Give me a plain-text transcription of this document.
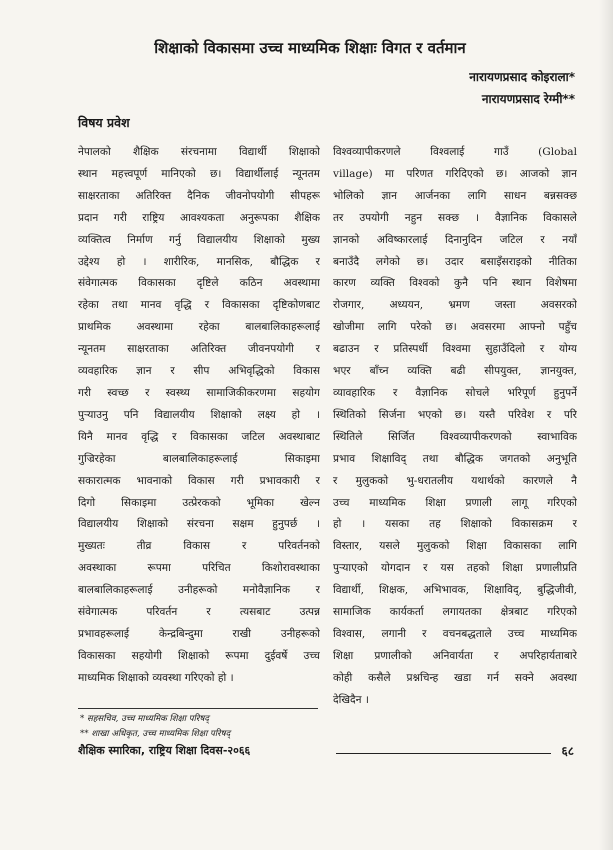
शिक्षाको विकासमा उच्च माध्यमिक शिक्षाः विगत र वर्तमान
नारायणप्रसाद कोइराला*
नारायणप्रसाद रेग्मी**
विषय प्रवेश
नेपालको शैक्षिक संरचनामा विद्यार्थी शिक्षाको
स्थान महत्त्वपूर्ण मानिएको छ। विद्यार्थीलाई न्यूनतम
साक्षरताका अतिरिक्त दैनिक जीवनोपयोगी सीपहरू
प्रदान गरी राष्ट्रिय आवश्यकता अनुरूपका शैक्षिक
व्यक्तित्व निर्माण गर्नु विद्यालयीय शिक्षाको मुख्य
उद्देश्य हो । शारीरिक, मानसिक, बौद्धिक र
संवेगात्मक विकासका दृष्टिले कठिन अवस्थामा
रहेका तथा मानव वृद्धि र विकासका दृष्टिकोणबाट
प्राथमिक अवस्थामा रहेका बालबालिकाहरूलाई
न्यूनतम साक्षरताका अतिरिक्त जीवनपयोगी र
व्यवहारिक ज्ञान र सीप अभिवृद्धिको विकास
गरी स्वच्छ र स्वस्थ्य सामाजिकीकरणमा सहयोग
पुऱ्याउनु पनि विद्यालयीय शिक्षाको लक्ष्य हो ।
यिनै मानव वृद्धि र विकासका जटिल अवस्थाबाट
गुज्रिरहेका बालबालिकाहरूलाई सिकाइमा
सकारात्मक भावनाको विकास गरी प्रभावकारी र
दिगो सिकाइमा उत्प्रेरकको भूमिका खेल्न
विद्यालयीय शिक्षाको संरचना सक्षम हुनुपर्छ ।
मुख्यतः तीव्र विकास र परिवर्तनको
अवस्थाका रूपमा परिचित किशोरावस्थाका
बालबालिकाहरूलाई उनीहरूको मनोवैज्ञानिक र
संवेगात्मक परिवर्तन र त्यसबाट उत्पन्न
प्रभावहरूलाई केन्द्रबिन्दुमा राखी उनीहरूको
विकासका सहयोगी शिक्षाको रूपमा दुईवर्षे उच्च
माध्यमिक शिक्षाको व्यवस्था गरिएको हो ।
विश्वव्यापीकरणले विश्वलाई गाउँ (Global
village) मा परिणत गरिदिएको छ। आजको ज्ञान
भोलिको ज्ञान आर्जनका लागि साधन बन्नसक्छ
तर उपयोगी नहुन सक्छ । वैज्ञानिक विकासले
ज्ञानको अविष्कारलाई दिनानुदिन जटिल र नयाँ
बनाउँदै लगेको छ। उदार बसाइँसराइको नीतिका
कारण व्यक्ति विश्वको कुनै पनि स्थान विशेषमा
रोजगार, अध्ययन, भ्रमण जस्ता अवसरको
खोजीमा लागि परेको छ। अवसरमा आफ्नो पहुँच
बढाउन र प्रतिस्पर्धी विश्वमा सुहाउँदिलो र योग्य
भएर बाँच्न व्यक्ति बढी सीपयुक्त, ज्ञानयुक्त,
व्यावहारिक र वैज्ञानिक सोचले भरिपूर्ण हुनुपर्ने
स्थितिको सिर्जना भएको छ। यस्तै परिवेश र परि
स्थितिले सिर्जित विश्वव्यापीकरणको स्वाभाविक
प्रभाव शिक्षाविद् तथा बौद्धिक जगतको अनुभूति
र मुलुकको भु-धरातलीय यथार्थको कारणले नै
उच्च माध्यमिक शिक्षा प्रणाली लागू गरिएको
हो । यसका तह शिक्षाको विकासक्रम र
विस्तार, यसले मुलुकको शिक्षा विकासका लागि
पुऱ्याएको योगदान र यस तहको शिक्षा प्रणालीप्रति
विद्यार्थी, शिक्षक, अभिभावक, शिक्षाविद्, बुद्धिजीवी,
सामाजिक कार्यकर्ता लगायतका क्षेत्रबाट गरिएको
विश्वास, लगानी र वचनबद्धताले उच्च माध्यमिक
शिक्षा प्रणालीको अनिवार्यता र अपरिहार्यताबारे
कोही कसैले प्रश्नचिन्ह खडा गर्न सक्ने अवस्था
देखिदैन ।
* सहसचिव, उच्च माध्यमिक शिक्षा परिषद्
** शाखा अधिकृत, उच्च माध्यमिक शिक्षा परिषद्
शैक्षिक स्मारिका, राष्ट्रिय शिक्षा दिवस-२०६६	६८
